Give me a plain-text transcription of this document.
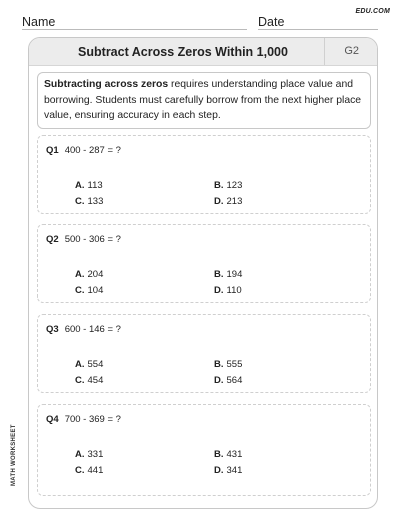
EDU.COM
Name	Date
MATH WORKSHEET
Subtract Across Zeros Within 1,000	G2
Subtracting across zeros requires understanding place value and borrowing. Students must carefully borrow from the next higher place value, ensuring accuracy in each step.
Q1 400 - 287 = ?
A. 113	B. 123
C. 133	D. 213
Q2 500 - 306 = ?
A. 204	B. 194
C. 104	D. 110
Q3 600 - 146 = ?
A. 554	B. 555
C. 454	D. 564
Q4 700 - 369 = ?
A. 331	B. 431
C. 441	D. 341
